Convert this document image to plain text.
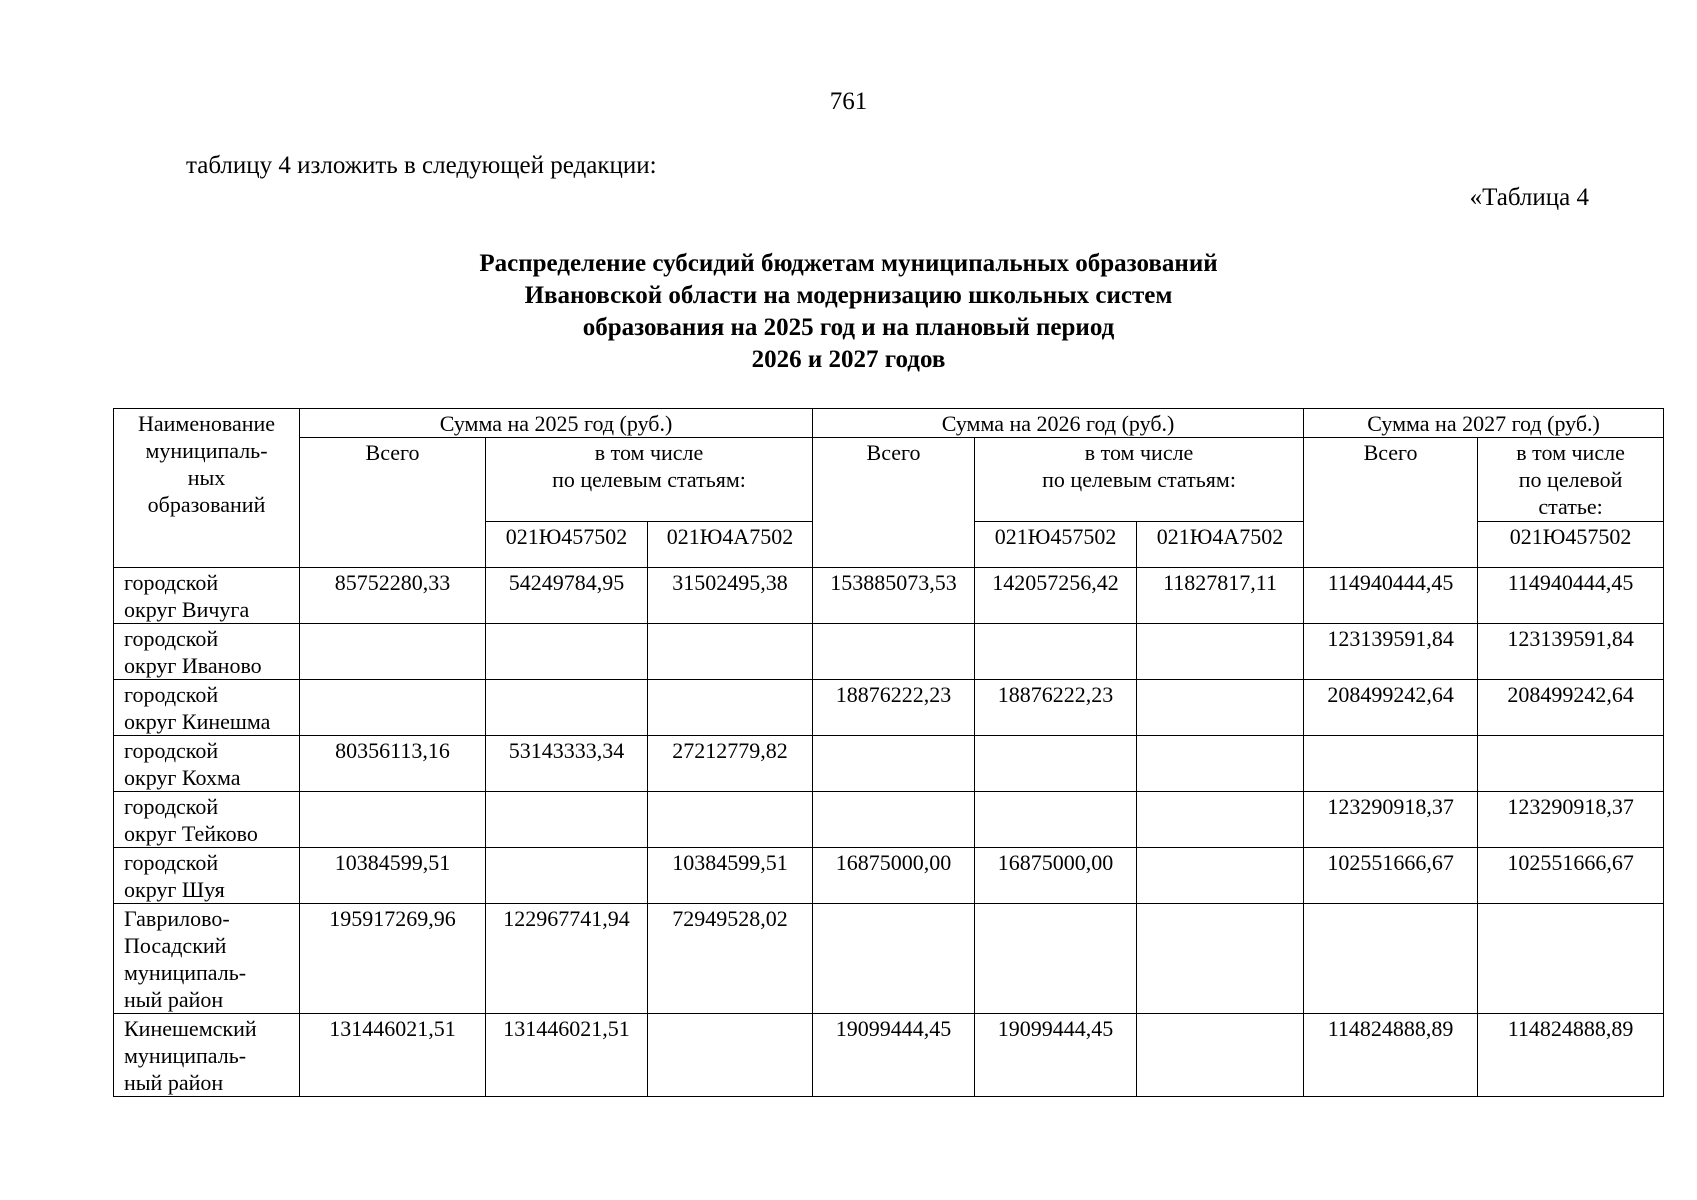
761
таблицу 4 изложить в следующей редакции:
«Таблица 4
Распределение субсидий бюджетам муниципальных образований
Ивановской области на модернизацию школьных систем
образования на 2025 год и на плановый период
2026 и 2027 годов
Наименование
муниципаль-
ных
образований	Сумма на 2025 год (руб.)			Сумма на 2026 год (руб.)			Сумма на 2027 год (руб.)	
	Всего	в том числе
по целевым статьям:		Всего	в том числе
по целевым статьям:		Всего	в том числе
по целевой
статье:
		021Ю457502	021Ю4А7502		021Ю457502	021Ю4А7502		021Ю457502
городской
округ Вичуга	85752280,33	54249784,95	31502495,38	153885073,53	142057256,42	11827817,11	114940444,45	114940444,45
городской
округ Иваново							123139591,84	123139591,84
городской
округ Кинешма				18876222,23	18876222,23		208499242,64	208499242,64
городской
округ Кохма	80356113,16	53143333,34	27212779,82					
городской
округ Тейково							123290918,37	123290918,37
городской
округ Шуя	10384599,51		10384599,51	16875000,00	16875000,00		102551666,67	102551666,67
Гаврилово-
Посадский
муниципаль-
ный район	195917269,96	122967741,94	72949528,02					
Кинешемский
муниципаль-
ный район	131446021,51	131446021,51		19099444,45	19099444,45		114824888,89	114824888,89
